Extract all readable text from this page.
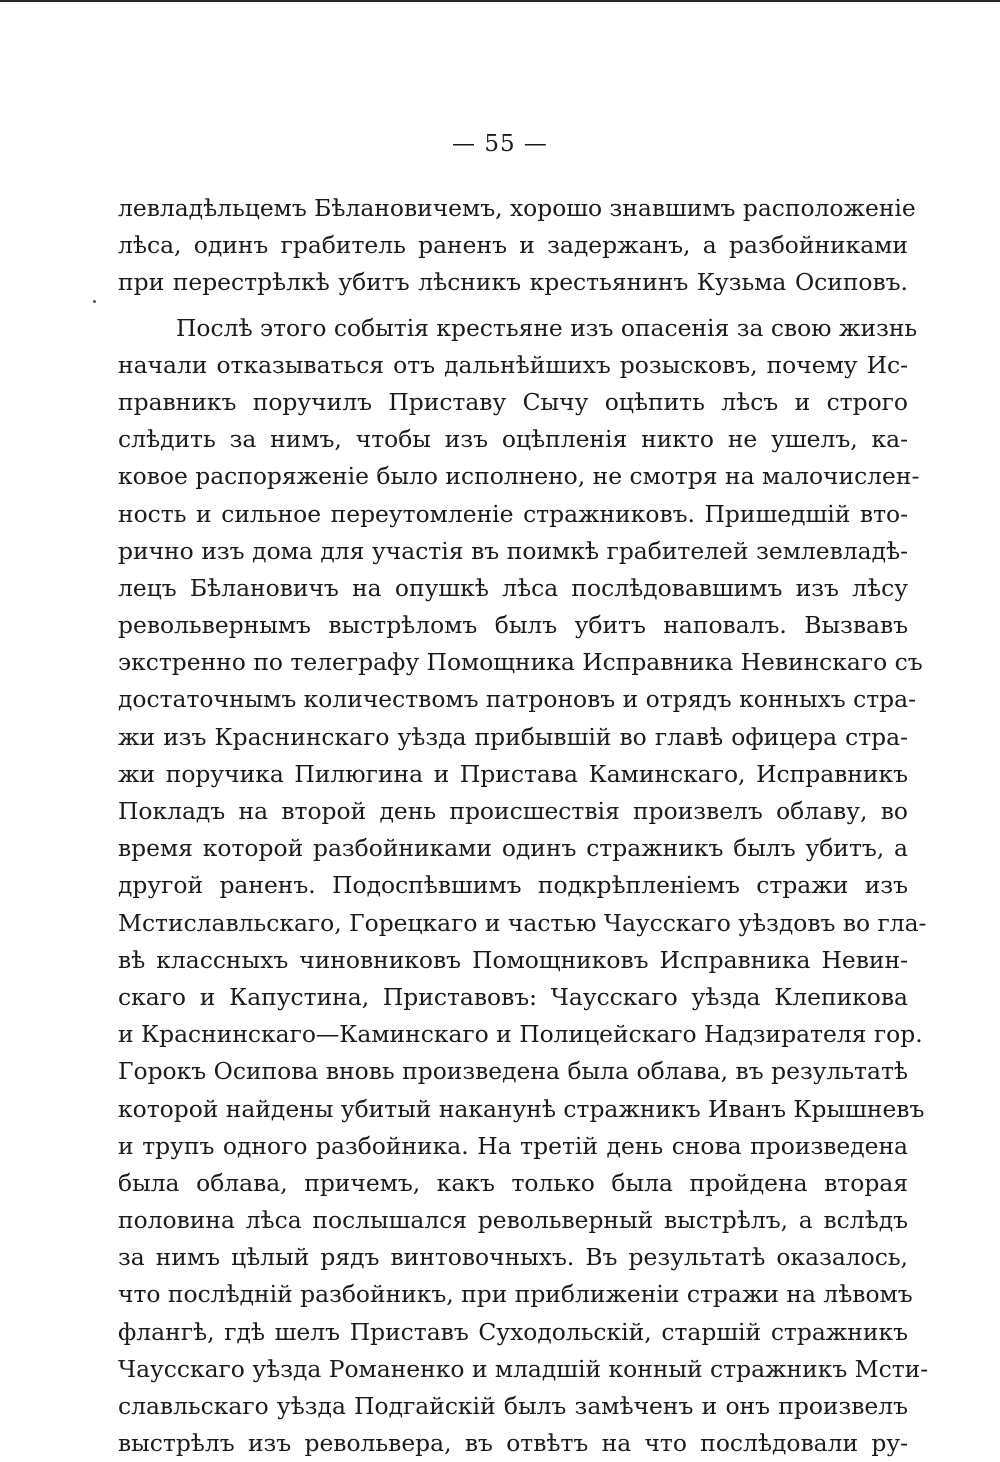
— 55 —
левладѣльцемъ Бѣлановичемъ, хорошо знавшимъ расположеніе
лѣса, одинъ грабитель раненъ и задержанъ, а разбойниками
при перестрѣлкѣ убитъ лѣсникъ крестьянинъ Кузьма Осиповъ.
Послѣ этого событія крестьяне изъ опасенія за свою жизнь
начали отказываться отъ дальнѣйшихъ розысковъ, почему Ис-
правникъ поручилъ Приставу Сычу оцѣпить лѣсъ и строго
слѣдить за нимъ, чтобы изъ оцѣпленія никто не ушелъ, ка-
ковое распоряженіе было исполнено, не смотря на малочислен-
ность и сильное переутомленіе стражниковъ. Пришедшій вто-
рично изъ дома для участія въ поимкѣ грабителей землевладѣ-
лецъ Бѣлановичъ на опушкѣ лѣса послѣдовавшимъ изъ лѣсу
револьвернымъ выстрѣломъ былъ убитъ наповалъ. Вызвавъ
экстренно по телеграфу Помощника Исправника Невинскаго съ
достаточнымъ количествомъ патроновъ и отрядъ конныхъ стра-
жи изъ Краснинскаго уѣзда прибывшій во главѣ офицера стра-
жи поручика Пилюгина и Пристава Каминскаго, Исправникъ
Покладъ на второй день происшествія произвелъ облаву, во
время которой разбойниками одинъ стражникъ былъ убитъ, а
другой раненъ. Подоспѣвшимъ подкрѣпленіемъ стражи изъ
Мстиславльскаго, Горецкаго и частью Чаусскаго уѣздовъ во гла-
вѣ классныхъ чиновниковъ Помощниковъ Исправника Невин-
скаго и Капустина, Приставовъ: Чаусскаго уѣзда Клепикова
и Краснинскаго—Каминскаго и Полицейскаго Надзирателя гор.
Горокъ Осипова вновь произведена была облава, въ результатѣ
которой найдены убитый наканунѣ стражникъ Иванъ Крышневъ
и трупъ одного разбойника. На третій день снова произведена
была облава, причемъ, какъ только была пройдена вторая
половина лѣса послышался револьверный выстрѣлъ, а вслѣдъ
за нимъ цѣлый рядъ винтовочныхъ. Въ результатѣ оказалось,
что послѣдній разбойникъ, при приближеніи стражи на лѣвомъ
флангѣ, гдѣ шелъ Приставъ Суходольскій, старшій стражникъ
Чаусскаго уѣзда Романенко и младшій конный стражникъ Мсти-
славльскаго уѣзда Подгайскій былъ замѣченъ и онъ произвелъ
выстрѣлъ изъ револьвера, въ отвѣтъ на что послѣдовали ру-
